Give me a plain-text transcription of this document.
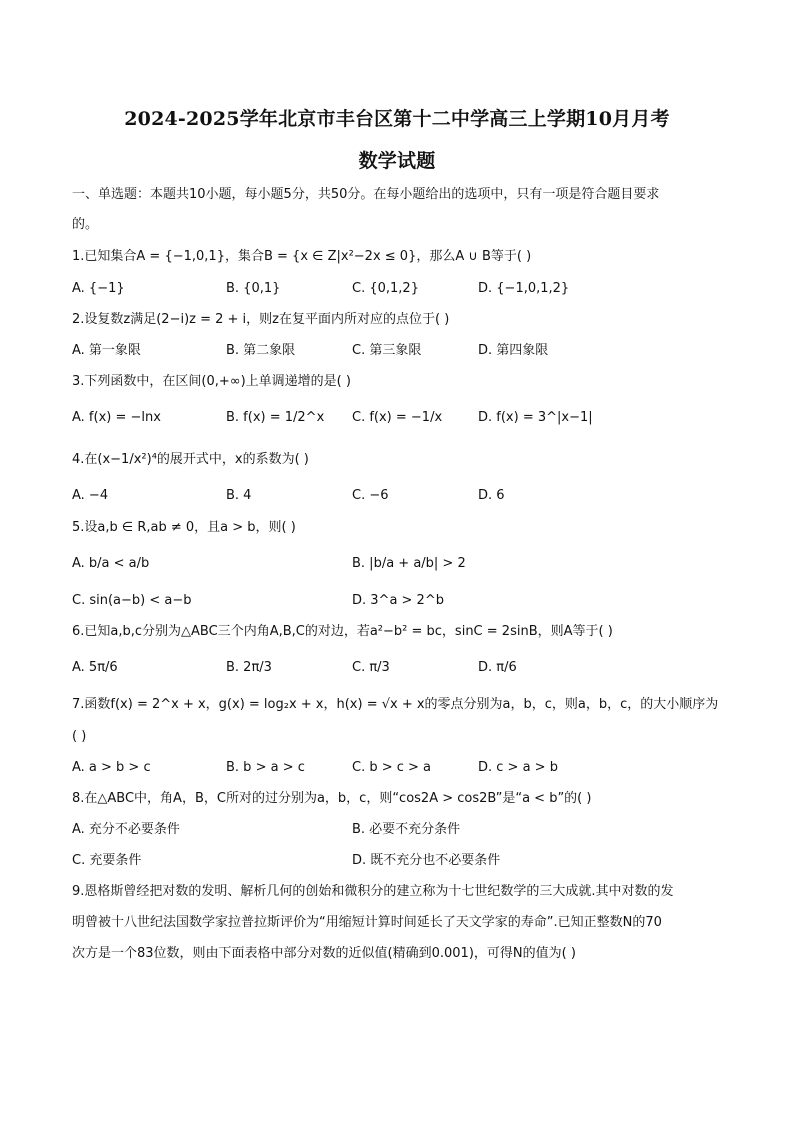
2024-2025学年北京市丰台区第十二中学高三上学期10月月考
数学试题
一、单选题：本题共10小题，每小题5分，共50分。在每小题给出的选项中，只有一项是符合题目要求
的。
1.已知集合A = {−1,0,1}，集合B = {x ∈ Z|x²−2x ≤ 0}，那么A ∪ B等于( )
A. {−1}	B. {0,1}	C. {0,1,2}	D. {−1,0,1,2}
2.设复数z满足(2−i)z = 2 + i，则z在复平面内所对应的点位于( )
A. 第一象限	B. 第二象限	C. 第三象限	D. 第四象限
3.下列函数中，在区间(0,+∞)上单调递增的是( )
A. f(x) = −lnx	B. f(x) = 1/2^x C. f(x) = −1/x	D. f(x) = 3^|x−1|
4.在(x−1/x²)⁴的展开式中，x的系数为( )
A. −4	B. 4	C. −6	D. 6
5.设a,b ∈ R,ab ≠ 0，且a > b，则( )
A. b/a < a/b	B. |b/a + a/b| > 2
C. sin(a−b) < a−b	D. 3^a > 2^b
6.已知a,b,c分别为△ABC三个内角A,B,C的对边，若a²−b² = bc，sinC = 2sinB，则A等于( )
A. 5π/6	B. 2π/3	C. π/3	D. π/6
7.函数f(x) = 2^x + x，g(x) = log₂x + x，h(x) = √x + x的零点分别为a，b，c，则a，b，c，的大小顺序为
( )
A. a > b > c	B. b > a > c	C. b > c > a	D. c > a > b
8.在△ABC中，角A，B，C所对的过分别为a，b，c，则“cos2A > cos2B”是“a < b”的( )
A. 充分不必要条件	B. 必要不充分条件
C. 充要条件	D. 既不充分也不必要条件
9.恩格斯曾经把对数的发明、解析几何的创始和微积分的建立称为十七世纪数学的三大成就.其中对数的发
明曾被十八世纪法国数学家拉普拉斯评价为“用缩短计算时间延长了天文学家的寿命”.已知正整数N的70
次方是一个83位数，则由下面表格中部分对数的近似值(精确到0.001)，可得N的值为( )
